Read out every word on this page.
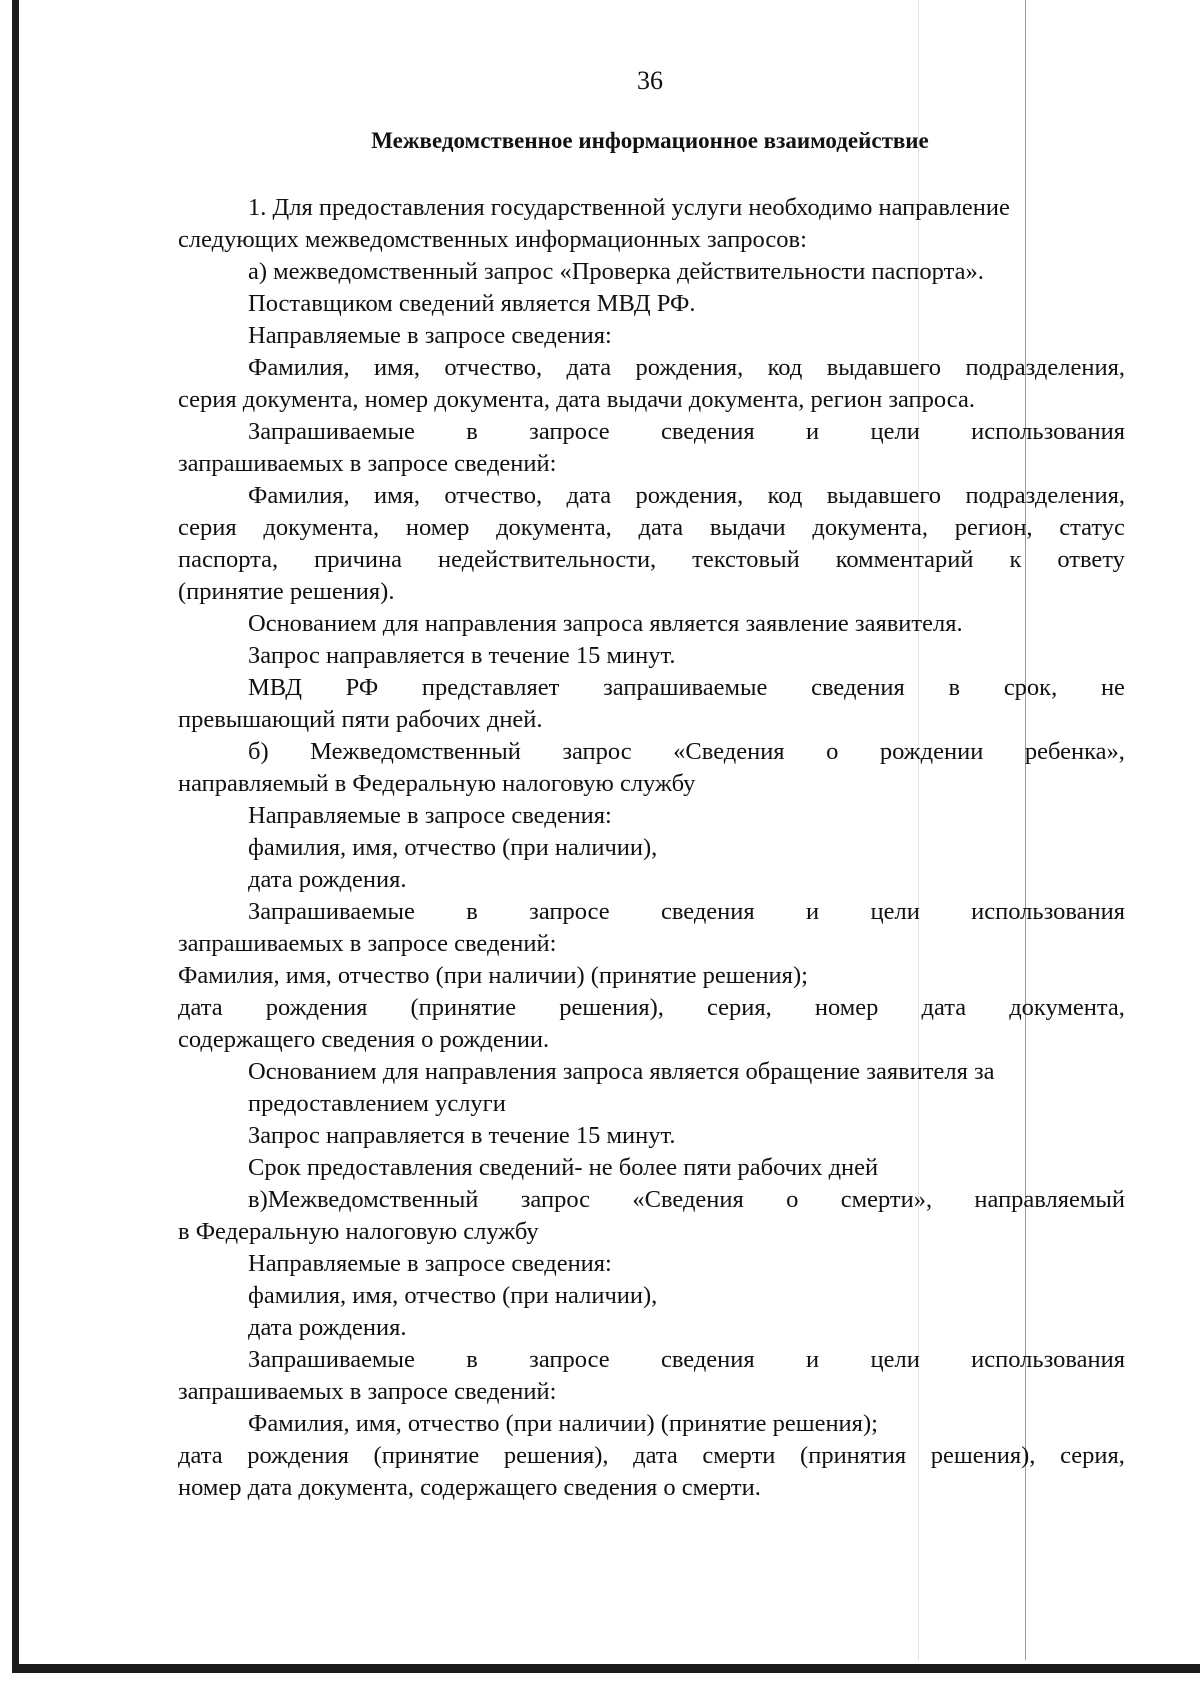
36
Межведомственное информационное взаимодействие
1. Для предоставления государственной услуги необходимо направление
следующих межведомственных информационных запросов:
а) межведомственный запрос «Проверка действительности паспорта».
Поставщиком сведений является МВД РФ.
Направляемые в запросе сведения:
Фамилия, имя, отчество, дата рождения, код выдавшего подразделения,
серия документа, номер документа, дата выдачи документа, регион запроса.
Запрашиваемые в запросе сведения и цели использования
запрашиваемых в запросе сведений:
Фамилия, имя, отчество, дата рождения, код выдавшего подразделения,
серия документа, номер документа, дата выдачи документа, регион, статус
паспорта, причина недействительности, текстовый комментарий к ответу
(принятие решения).
Основанием для направления запроса является заявление заявителя.
Запрос направляется в течение 15 минут.
МВД РФ представляет запрашиваемые сведения в срок, не
превышающий пяти рабочих дней.
б) Межведомственный запрос «Сведения о рождении ребенка»,
направляемый в Федеральную налоговую службу
Направляемые в запросе сведения:
фамилия, имя, отчество (при наличии),
дата рождения.
Запрашиваемые в запросе сведения и цели использования
запрашиваемых в запросе сведений:
Фамилия, имя, отчество (при наличии) (принятие решения);
дата рождения (принятие решения), серия, номер дата документа,
содержащего сведения о рождении.
Основанием для направления запроса является обращение заявителя за
предоставлением услуги
Запрос направляется в течение 15 минут.
Срок предоставления сведений- не более пяти рабочих дней
в)Межведомственный запрос «Сведения о смерти», направляемый
в Федеральную налоговую службу
Направляемые в запросе сведения:
фамилия, имя, отчество (при наличии),
дата рождения.
Запрашиваемые в запросе сведения и цели использования
запрашиваемых в запросе сведений:
Фамилия, имя, отчество (при наличии) (принятие решения);
дата рождения (принятие решения), дата смерти (принятия решения), серия,
номер дата документа, содержащего сведения о смерти.
